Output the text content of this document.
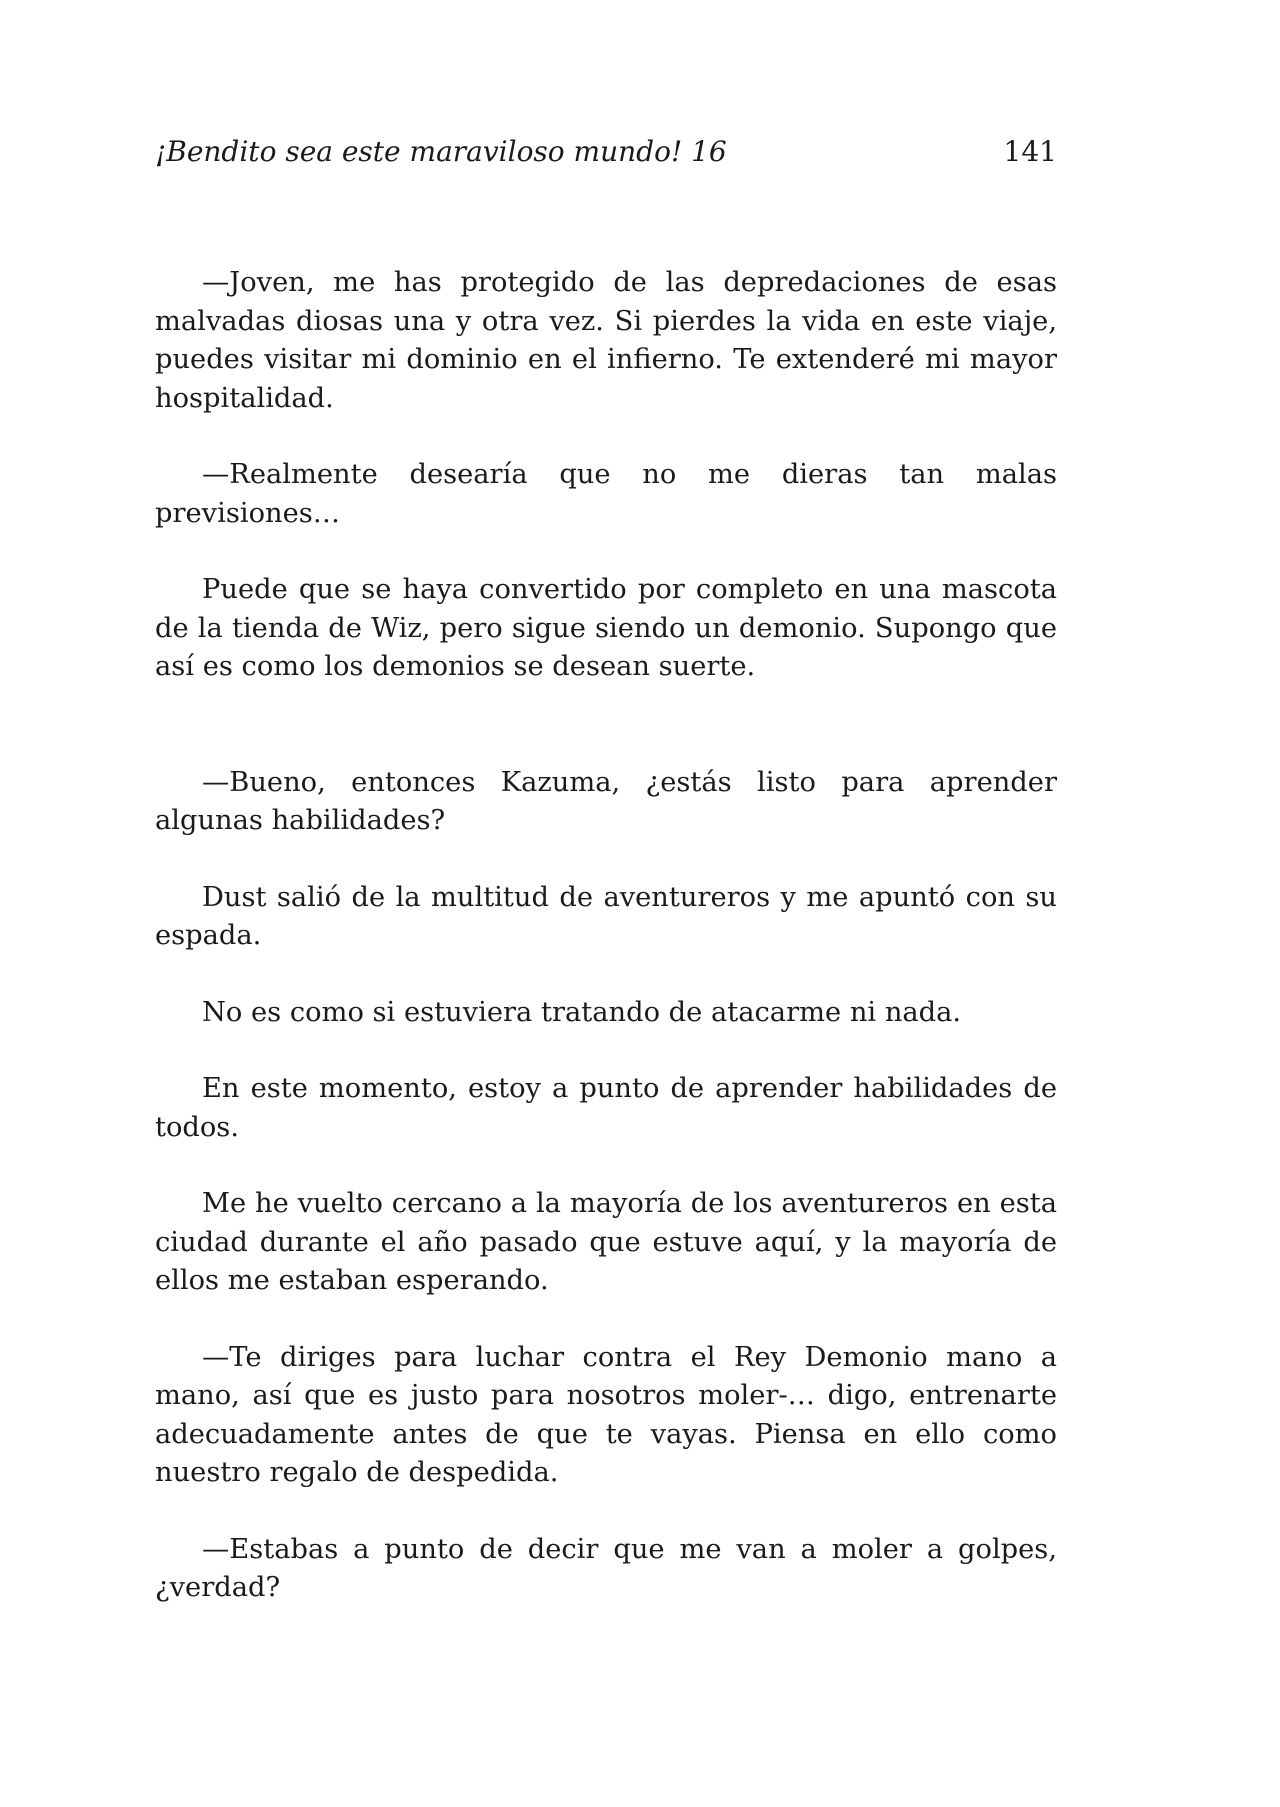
¡Bendito sea este maraviloso mundo! 16	141

—Joven, me has protegido de las depredaciones de esas malvadas diosas una y otra vez. Si pierdes la vida en este viaje, puedes visitar mi dominio en el infierno. Te extenderé mi mayor hospitalidad.

—Realmente desearía que no me dieras tan malas previsiones…

Puede que se haya convertido por completo en una mascota de la tienda de Wiz, pero sigue siendo un demonio. Supongo que así es como los demonios se desean suerte.

—Bueno, entonces Kazuma, ¿estás listo para aprender algunas habilidades?

Dust salió de la multitud de aventureros y me apuntó con su espada.

No es como si estuviera tratando de atacarme ni nada.

En este momento, estoy a punto de aprender habilidades de todos.

Me he vuelto cercano a la mayoría de los aventureros en esta ciudad durante el año pasado que estuve aquí, y la mayoría de ellos me estaban esperando.

—Te diriges para luchar contra el Rey Demonio mano a mano, así que es justo para nosotros moler-… digo, entrenarte adecuadamente antes de que te vayas. Piensa en ello como nuestro regalo de despedida.

—Estabas a punto de decir que me van a moler a golpes, ¿verdad?
